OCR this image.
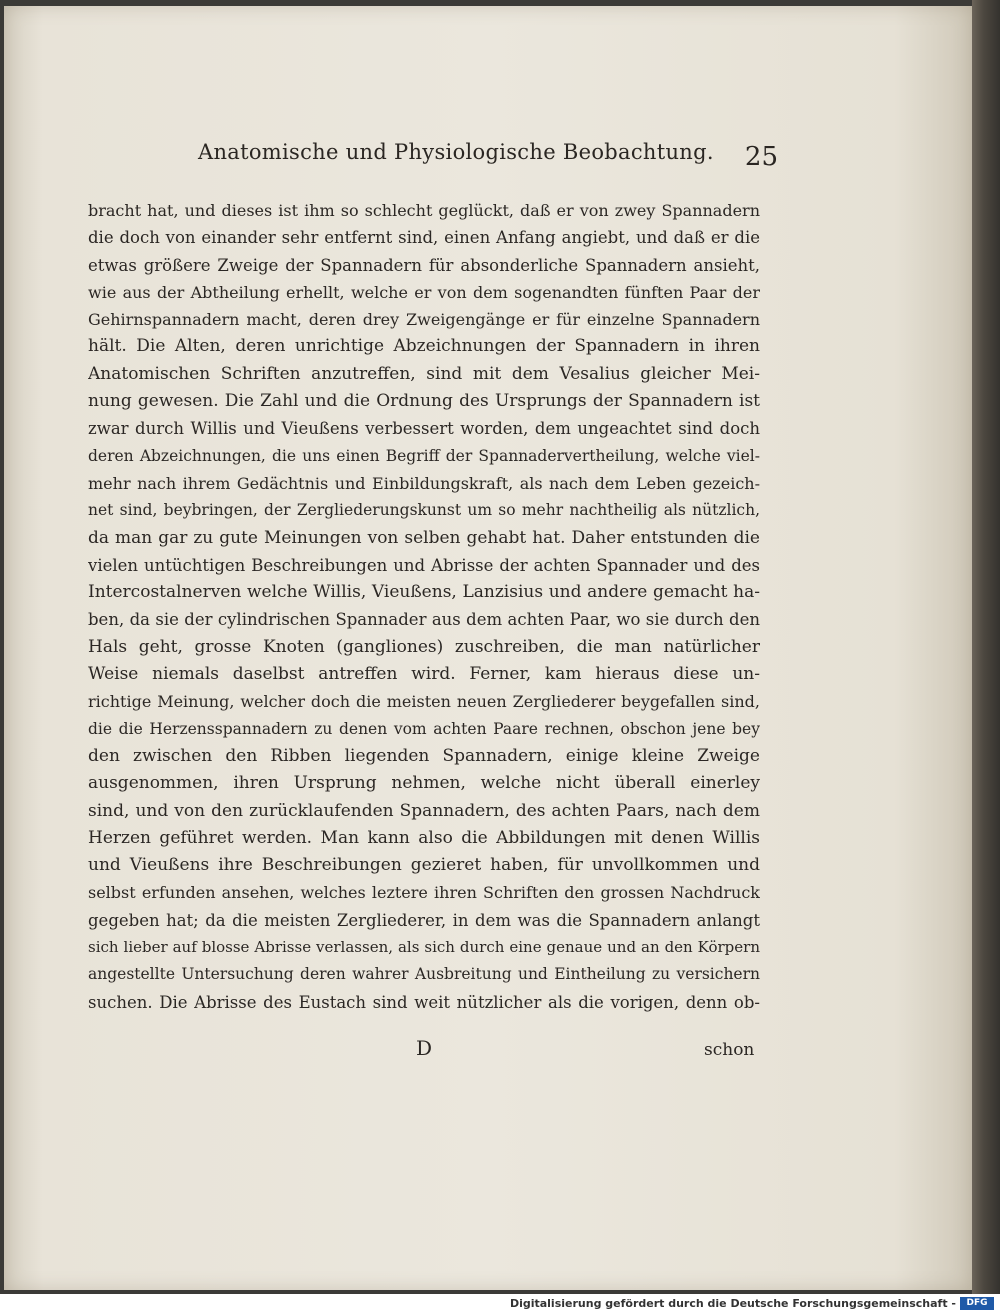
Anatomische und Physiologische Beobachtung. 25
bracht hat, und dieses ist ihm so schlecht geglückt, daß er von zwey Spannadern
die doch von einander sehr entfernt sind, einen Anfang angiebt, und daß er die
etwas größere Zweige der Spannadern für absonderliche Spannadern ansieht,
wie aus der Abtheilung erhellt, welche er von dem sogenandten fünften Paar der
Gehirnspannadern macht, deren drey Zweigengänge er für einzelne Spannadern
hält. Die Alten, deren unrichtige Abzeichnungen der Spannadern in ihren
Anatomischen Schriften anzutreffen, sind mit dem Vesalius gleicher Mei-
nung gewesen. Die Zahl und die Ordnung des Ursprungs der Spannadern ist
zwar durch Willis und Vieußens verbessert worden, dem ungeachtet sind doch
deren Abzeichnungen, die uns einen Begriff der Spannadervertheilung, welche viel-
mehr nach ihrem Gedächtnis und Einbildungskraft, als nach dem Leben gezeich-
net sind, beybringen, der Zergliederungskunst um so mehr nachtheilig als nützlich,
da man gar zu gute Meinungen von selben gehabt hat. Daher entstunden die
vielen untüchtigen Beschreibungen und Abrisse der achten Spannader und des
Intercostalnerven welche Willis, Vieußens, Lanzisius und andere gemacht ha-
ben, da sie der cylindrischen Spannader aus dem achten Paar, wo sie durch den
Hals geht, grosse Knoten (gangliones) zuschreiben, die man natürlicher
Weise niemals daselbst antreffen wird. Ferner, kam hieraus diese un-
richtige Meinung, welcher doch die meisten neuen Zergliederer beygefallen sind,
die die Herzensspannadern zu denen vom achten Paare rechnen, obschon jene bey
den zwischen den Ribben liegenden Spannadern, einige kleine Zweige
ausgenommen, ihren Ursprung nehmen, welche nicht überall einerley
sind, und von den zurücklaufenden Spannadern, des achten Paars, nach dem
Herzen geführet werden. Man kann also die Abbildungen mit denen Willis
und Vieußens ihre Beschreibungen gezieret haben, für unvollkommen und
selbst erfunden ansehen, welches leztere ihren Schriften den grossen Nachdruck
gegeben hat; da die meisten Zergliederer, in dem was die Spannadern anlangt
sich lieber auf blosse Abrisse verlassen, als sich durch eine genaue und an den Körpern
angestellte Untersuchung deren wahrer Ausbreitung und Eintheilung zu versichern
suchen. Die Abrisse des Eustach sind weit nützlicher als die vorigen, denn ob-
D	schon
Digitalisierung gefördert durch die Deutsche Forschungsgemeinschaft -	DFG
